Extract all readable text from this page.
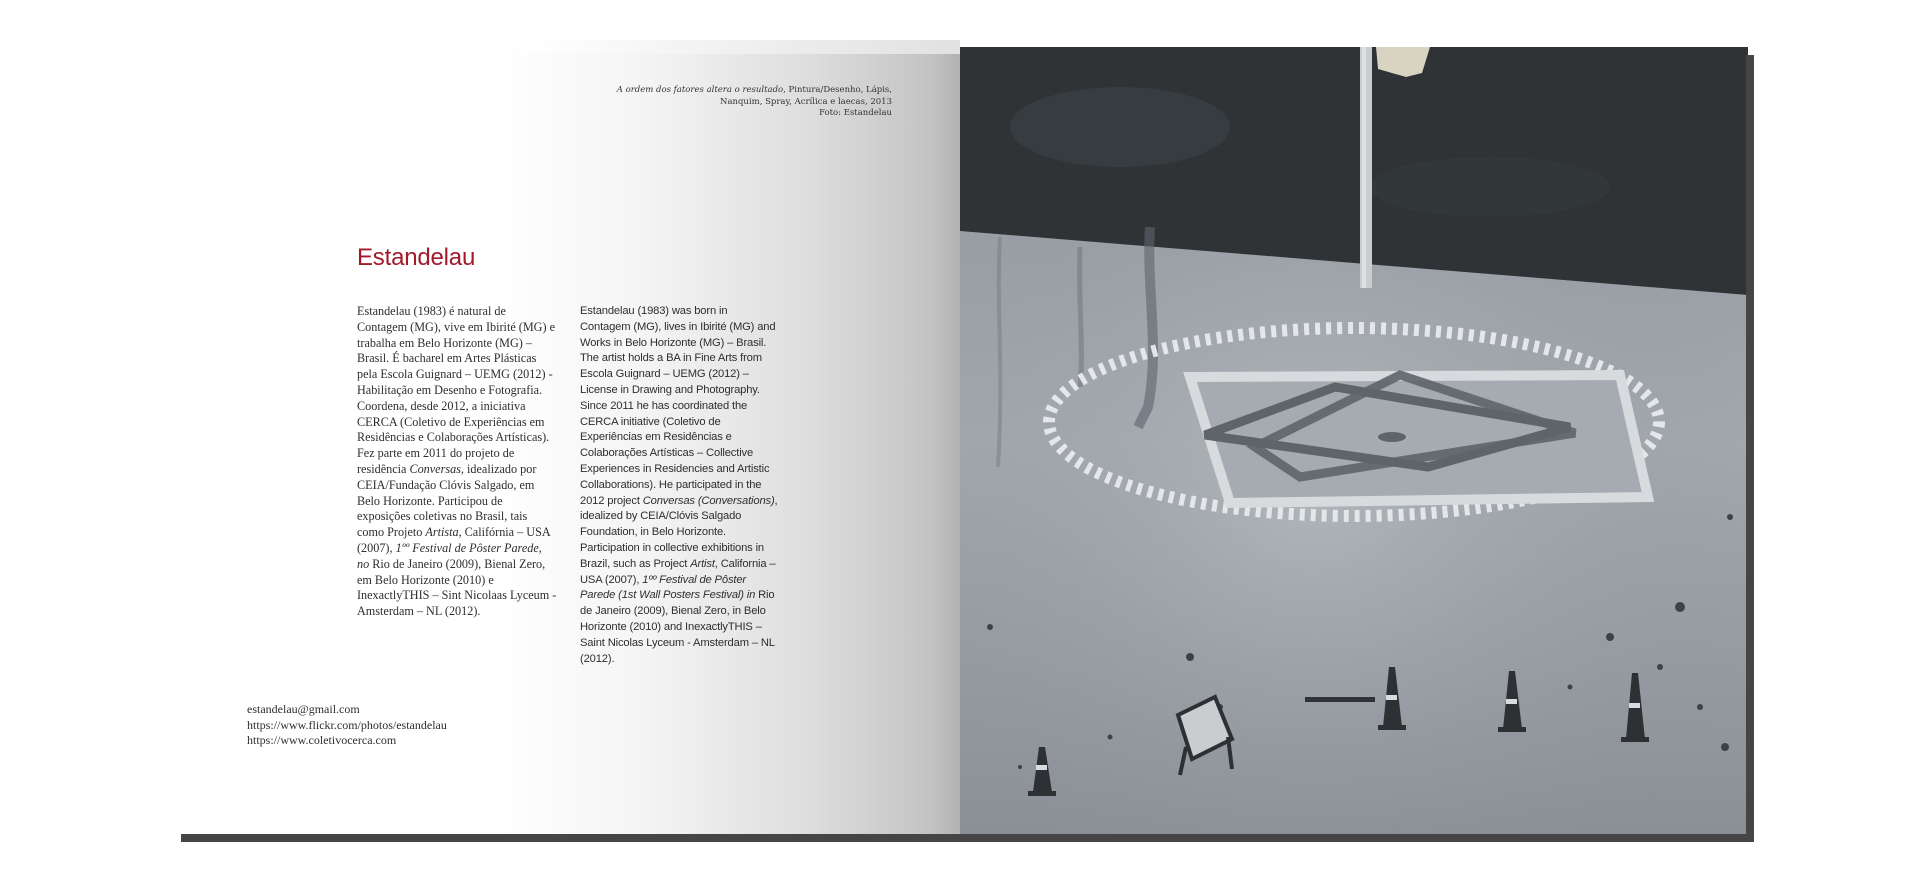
A ordem dos fatores altera o resultado, Pintura/Desenho, Lápis,
Nanquim, Spray, Acrílica e laecas, 2013
Foto: Estandelau
Estandelau
Estandelau (1983) é natural de Contagem (MG), vive em Ibirité (MG) e trabalha em Belo Horizonte (MG) – Brasil. É bacharel em Artes Plásticas pela Escola Guignard – UEMG (2012) - Habilitação em Desenho e Fotografia. Coordena, desde 2012, a iniciativa CERCA (Coletivo de Experiências em Residências e Colaborações Artísticas). Fez parte em 2011 do projeto de residência Conversas, idealizado por CEIA/Fundação Clóvis Salgado, em Belo Horizonte. Participou de exposições coletivas no Brasil, tais como Projeto Artista, Califórnia – USA (2007), 1ºº Festival de Pôster Parede, no Rio de Janeiro (2009), Bienal Zero, em Belo Horizonte (2010) e InexactlyTHIS – Sint Nicolaas Lyceum - Amsterdam – NL (2012).
Estandelau (1983) was born in Contagem (MG), lives in Ibirité (MG) and Works in Belo Horizonte (MG) – Brasil. The artist holds a BA in Fine Arts from Escola Guignard – UEMG (2012) – License in Drawing and Photography. Since 2011 he has coordinated the CERCA initiative (Coletivo de Experiências em Residências e Colaborações Artísticas – Collective Experiences in Residencies and Artistic Collaborations). He participated in the 2012 project Conversas (Conversations), idealized by CEIA/Clóvis Salgado Foundation, in Belo Horizonte. Participation in collective exhibitions in Brazil, such as Project Artist, California – USA (2007), 1ºº Festival de Pôster Parede (1st Wall Posters Festival) in Rio de Janeiro (2009), Bienal Zero, in Belo Horizonte (2010) and InexactlyTHIS – Saint Nicolas Lyceum - Amsterdam – NL (2012).
estandelau@gmail.com
https://www.flickr.com/photos/estandelau
https://www.coletivocerca.com
